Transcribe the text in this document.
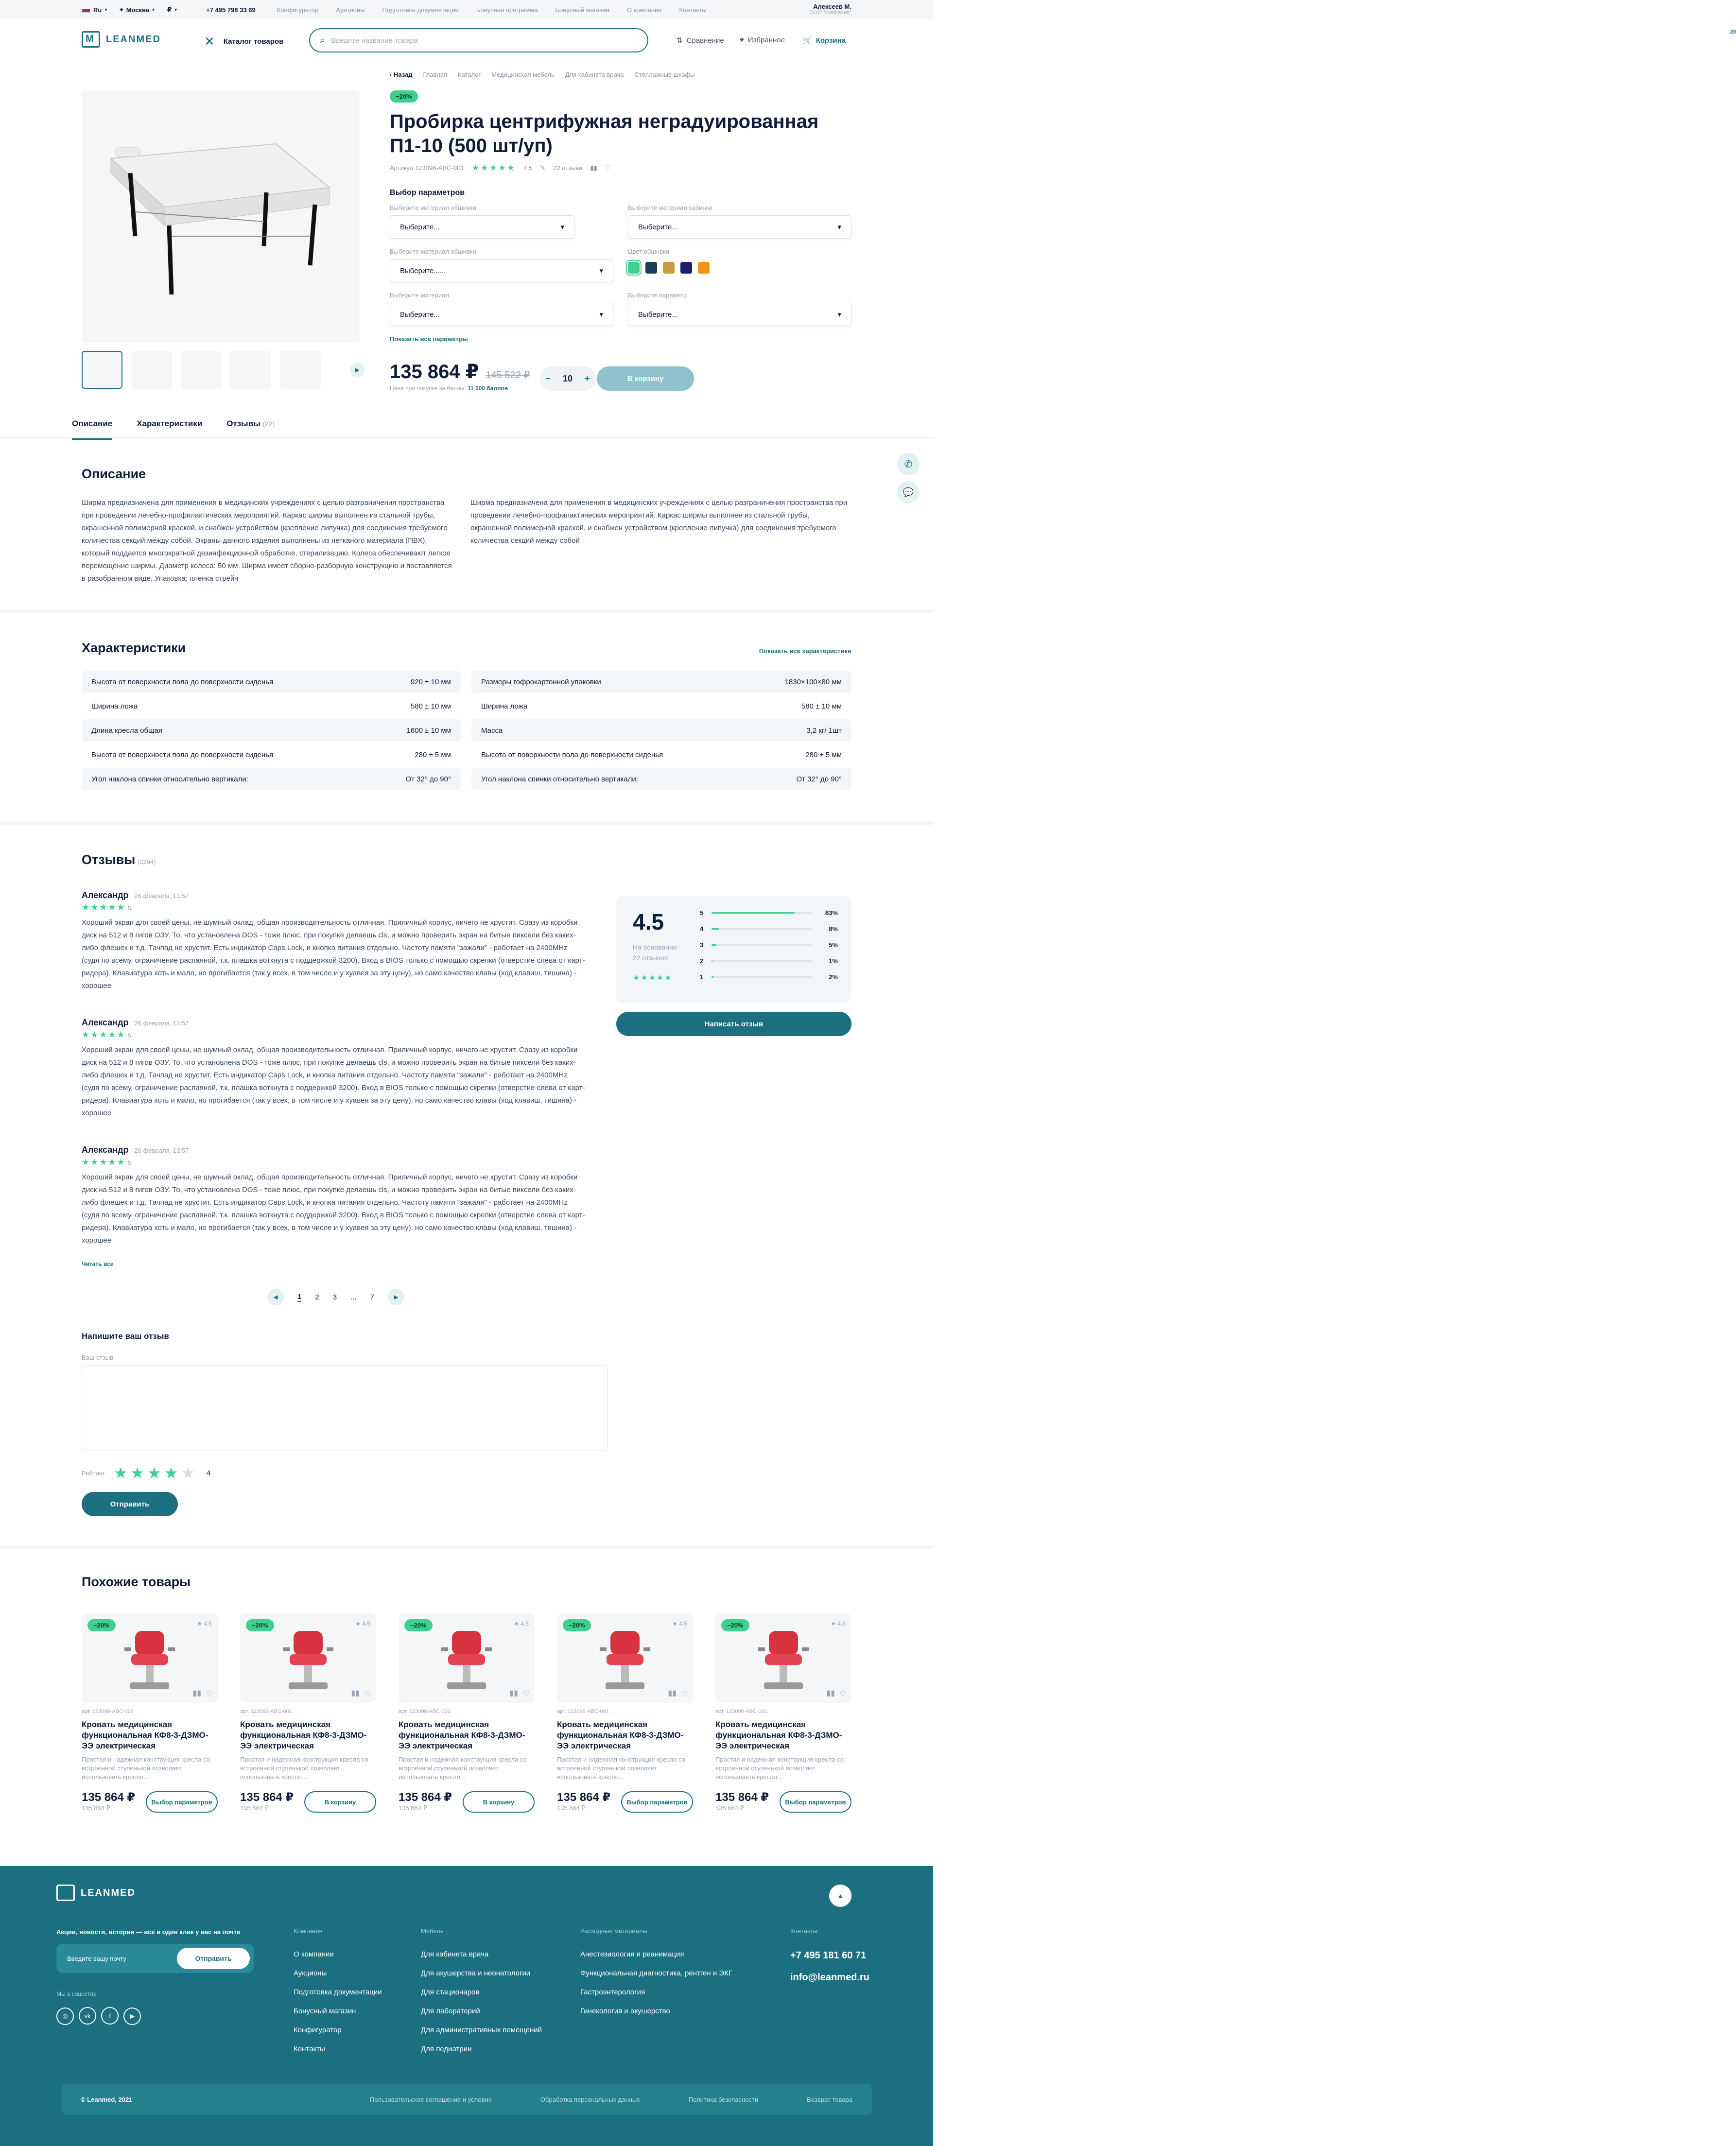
Ru ▾ ⌖ Москва ▾ ₽ ▾	+7 495 798 33 69	Конфигуратор	Аукционы	Подготовка документации	Бонусная программа	Бонусный магазин	О компании	Контакты	Алексеев М.
ООО "Компания"
M
LEANMED	✕ Каталог товаров	⌕ Введите название товара	⇅ Сравнение ♥ Избранное 🛒 Корзина
20
‹ Назад Главная Каталог Медицинская мебель Для кабинета врача Стеллажные шкафы
▶
−20%
Пробирка центрифужная неградуированная
П1-10 (500 шт/уп)
Артикул 123098-ABC-001 ★★★★★ 4.5 ✎ 22 отзыва ▮▮ ♡
Выбор параметров
Выберите материал обшивки
Выберите...	▾
Выберите материал кабинки
Выберите...	▾
Выберите материал обшивки
Выберите......	▾
Цвет обшивки
Выберите материал
Выберите...	▾
Выберите параметр
Выберите...	▾
Показать все параметры
135 864 ₽ 145 522 ₽
Цена при покупке за баллы: 11 500 баллов
− 10 +	В корзину
Описание	Характеристики	Отзывы (22)
✆
💬
Описание
Ширма предназначена для применения в медицинских учреждениях с целью разграничения пространства при проведении лечебно-профилактических мероприятий. Каркас ширмы выполнен из стальной трубы, окрашенной полимерной краской, и снабжен устройством (крепление липучка) для соединения требуемого количества секций между собой. Экраны данного изделия выполнены из нетканого материала (ПВХ), который поддается многократной дезинфекционной обработке, стерилизацию. Колеса обеспечивают легкое перемещение ширмы. Диаметр колеса: 50 мм. Ширма имеет сборно-разборную конструкцию и поставляется в разобранном виде. Упаковка: пленка стрейч
Ширма предназначена для применения в медицинских учреждениях с целью разграничения пространства при проведении лечебно-профилактических мероприятий. Каркас ширмы выполнен из стальной трубы, окрашенной полимерной краской, и снабжен устройством (крепление липучка) для соединения требуемого количества секций между собой
Характеристики	Показать все характеристики
Высота от поверхности пола до поверхности сиденья	920 ± 10 мм
Ширина ложа	580 ± 10 мм
Длина кресла общая	1600 ± 10 мм
Высота от поверхности пола до поверхности сиденья	280 ± 5 мм
Угол наклона спинки относительно вертикали:	От 32° до 90°
Размеры гофрокартонной упаковки	1830×100×80 мм
Ширина ложа	580 ± 10 мм
Масса	3,2 кг/ 1шт
Высота от поверхности пола до поверхности сиденья	280 ± 5 мм
Угол наклона спинки относительно вертикали:	От 32° до 90°
Отзывы (2294)
Александр 26 февраля, 13:57
★★★★★ 5
Хороший экран для своей цены, не шумный оклад, общая производительность отличная. Приличный корпус, ничего не хрустит. Сразу из коробки диск на 512 и 8 гигов ОЗУ. То, что установлена DOS - тоже плюс, при покупке делаешь cls, и можно проверить экран на битые пиксели без каких-либо флешек и т.д. Тачпад не хрустит. Есть индикатор Caps Lock, и кнопка питания отдельно. Частоту памяти "зажали" - работает на 2400MHz (судя по всему, ограничение распаяной, т.к. плашка воткнута с поддержкой 3200). Вход в BIOS только с помощью скрепки (отверстие слева от карт-ридера). Клавиатура хоть и мало, но прогибается (так у всех, в том числе и у хуавея за эту цену), но само качество клавы (ход клавиш, тишина) - хорошее
Александр 26 февраля, 13:57
★★★★★ 5
Хороший экран для своей цены, не шумный оклад, общая производительность отличная. Приличный корпус, ничего не хрустит. Сразу из коробки диск на 512 и 8 гигов ОЗУ. То, что установлена DOS - тоже плюс, при покупке делаешь cls, и можно проверить экран на битые пиксели без каких-либо флешек и т.д. Тачпад не хрустит. Есть индикатор Caps Lock, и кнопка питания отдельно. Частоту памяти "зажали" - работает на 2400MHz (судя по всему, ограничение распаяной, т.к. плашка воткнута с поддержкой 3200). Вход в BIOS только с помощью скрепки (отверстие слева от карт-ридера). Клавиатура хоть и мало, но прогибается (так у всех, в том числе и у хуавея за эту цену), но само качество клавы (ход клавиш, тишина) - хорошее
Александр 26 февраля, 13:57
★★★★★ 5
Хороший экран для своей цены, не шумный оклад, общая производительность отличная. Приличный корпус, ничего не хрустит. Сразу из коробки диск на 512 и 8 гигов ОЗУ. То, что установлена DOS - тоже плюс, при покупке делаешь cls, и можно проверить экран на битые пиксели без каких-либо флешек и т.д. Тачпад не хрустит. Есть индикатор Caps Lock, и кнопка питания отдельно. Частоту памяти "зажали" - работает на 2400MHz (судя по всему, ограничение распаяной, т.к. плашка воткнута с поддержкой 3200). Вход в BIOS только с помощью скрепки (отверстие слева от карт-ридера). Клавиатура хоть и мало, но прогибается (так у всех, в том числе и у хуавея за эту цену), но само качество клавы (ход клавиш, тишина) - хорошее
Читать все
4.5
На основании
22 отзывов
★★★★★
5	83%
4	8%
3	5%
2	1%
1	2%
Написать отзыв
◀	1 2 3 ... 7	▶
Напишите ваш отзыв
Ваш отзыв
Рейтинг ★★★★★ 4
Отправить
Похожие товары
−20%	★ 4.5
▮▮ ♡
арт. 123098-ABC-001
Кровать медицинская функциональная КФ8-3-ДЗМО-ЭЭ электрическая
Простая и надежная конструкция кресла со встроенной ступенькой позволяет использовать кресло...
135 864 ₽
135 864 ₽
Выбор параметров
−20%	★ 4.5
▮▮ ♡
арт. 123098-ABC-001
Кровать медицинская функциональная КФ8-3-ДЗМО-ЭЭ электрическая
Простая и надежная конструкция кресла со встроенной ступенькой позволяет использовать кресло...
135 864 ₽
135 864 ₽
В корзину
−20%	★ 4.5
▮▮ ♡
арт. 123098-ABC-001
Кровать медицинская функциональная КФ8-3-ДЗМО-ЭЭ электрическая
Простая и надежная конструкция кресла со встроенной ступенькой позволяет использовать кресло...
135 864 ₽
135 864 ₽
В корзину
−20%	★ 4.5
▮▮ ♡
арт. 123098-ABC-001
Кровать медицинская функциональная КФ8-3-ДЗМО-ЭЭ электрическая
Простая и надежная конструкция кресла со встроенной ступенькой позволяет использовать кресло...
135 864 ₽
135 864 ₽
Выбор параметров
−20%	★ 4.5
▮▮ ♡
арт. 123098-ABC-001
Кровать медицинская функциональная КФ8-3-ДЗМО-ЭЭ электрическая
Простая и надежная конструкция кресла со встроенной ступенькой позволяет использовать кресло...
135 864 ₽
135 864 ₽
Выбор параметров
M
LEANMED	▲
Акции, новости, история — все в один клик у вас на почте
Введите вашу почту	Отправить
Мы в соцсетях
◎	vk	f	▶
Компания
О компании
Аукционы
Подготовка документации
Бонусный магазин
Конфигуратор
Контакты
Мебель
Для кабинета врача
Для акушерства и неонатологии
Для стационаров
Для лабораторий
Для административных помещений
Для педиатрии
Расходные материалы
Анестезиология и реанимация
Функциональная диагностика, рентген и ЭКГ
Гастроэнтерология
Гинекология и акушерство
Контакты
+7 495 181 60 71
info@leanmed.ru
© Leanmed, 2021	Пользовательское соглашение и условия	Обработка персональных данных	Политика безопасности	Возврат товара
